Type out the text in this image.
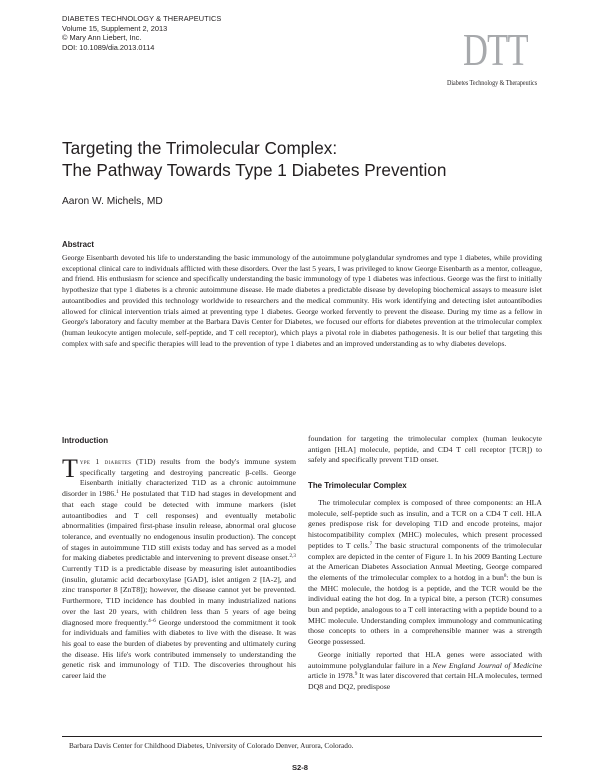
DIABETES TECHNOLOGY & THERAPEUTICS
Volume 15, Supplement 2, 2013
© Mary Ann Liebert, Inc.
DOI: 10.1089/dia.2013.0114	DTT
Diabetes Technology & Therapeutics
Targeting the Trimolecular Complex:
The Pathway Towards Type 1 Diabetes Prevention
Aaron W. Michels, MD
Abstract

George Eisenbarth devoted his life to understanding the basic immunology of the autoimmune polyglandular syndromes and type 1 diabetes, while providing exceptional clinical care to individuals afflicted with these disorders. Over the last 5 years, I was privileged to know George Eisenbarth as a mentor, colleague, and friend. His enthusiasm for science and specifically understanding the basic immunology of type 1 diabetes was infectious. George was the first to initially hypothesize that type 1 diabetes is a chronic autoimmune disease. He made diabetes a predictable disease by developing biochemical assays to measure islet autoantibodies and provided this technology worldwide to researchers and the medical community. His work identifying and detecting islet autoantibodies allowed for clinical intervention trials aimed at preventing type 1 diabetes. George worked fervently to prevent the disease. During my time as a fellow in George's laboratory and faculty member at the Barbara Davis Center for Diabetes, we focused our efforts for diabetes prevention at the trimolecular complex (human leukocyte antigen molecule, self-peptide, and T cell receptor), which plays a pivotal role in diabetes pathogenesis. It is our belief that targeting this complex with safe and specific therapies will lead to the prevention of type 1 diabetes and an improved understanding as to why diabetes develops.

Introduction

Type 1 diabetes (T1D) results from the body's immune system specifically targeting and destroying pancreatic β-cells. George Eisenbarth initially characterized T1D as a chronic autoimmune disorder in 1986.$^1$ He postulated that T1D had stages in development and that each stage could be detected with immune markers (islet autoantibodies and T cell responses) and eventually metabolic abnormalities (impaired first-phase insulin release, abnormal oral glucose tolerance, and eventually no endogenous insulin production). The concept of stages in autoimmune T1D still exists today and has served as a model for making diabetes predictable and intervening to prevent disease onset.$^{2,3}$ Currently T1D is a predictable disease by measuring islet autoantibodies (insulin, glutamic acid decarboxylase [GAD], islet antigen 2 [IA-2], and zinc transporter 8 [ZnT8]); however, the disease cannot yet be prevented. Furthermore, T1D incidence has doubled in many industrialized nations over the last 20 years, with children less than 5 years of age being diagnosed more frequently.$^{4-6}$ George understood the commitment it took for individuals and families with diabetes to live with the disease. It was his goal to ease the burden of diabetes by preventing and ultimately curing the disease. His life's work contributed immensely to understanding the genetic risk and immunology of T1D. The discoveries throughout his career laid the

foundation for targeting the trimolecular complex (human leukocyte antigen [HLA] molecule, peptide, and CD4 T cell receptor [TCR]) to safely and specifically prevent T1D onset.

The Trimolecular Complex

The trimolecular complex is composed of three components: an HLA molecule, self-peptide such as insulin, and a TCR on a CD4 T cell. HLA genes predispose risk for developing T1D and encode proteins, major histocompatibility complex (MHC) molecules, which present processed peptides to T cells.$^7$ The basic structural components of the trimolecular complex are depicted in the center of Figure 1. In his 2009 Banting Lecture at the American Diabetes Association Annual Meeting, George compared the elements of the trimolecular complex to a hotdog in a bun$^8$: the bun is the MHC molecule, the hotdog is a peptide, and the TCR would be the individual eating the hot dog. In a typical bite, a person (TCR) consumes bun and peptide, analogous to a T cell interacting with a peptide bound to a MHC molecule. Understanding complex immunology and communicating those concepts to others in a comprehensible manner was a strength George possessed.

George initially reported that HLA genes were associated with autoimmune polyglandular failure in a New England Journal of Medicine article in 1978.$^9$ It was later discovered that certain HLA molecules, termed DQ8 and DQ2, predispose

Barbara Davis Center for Childhood Diabetes, University of Colorado Denver, Aurora, Colorado.
S2-8
